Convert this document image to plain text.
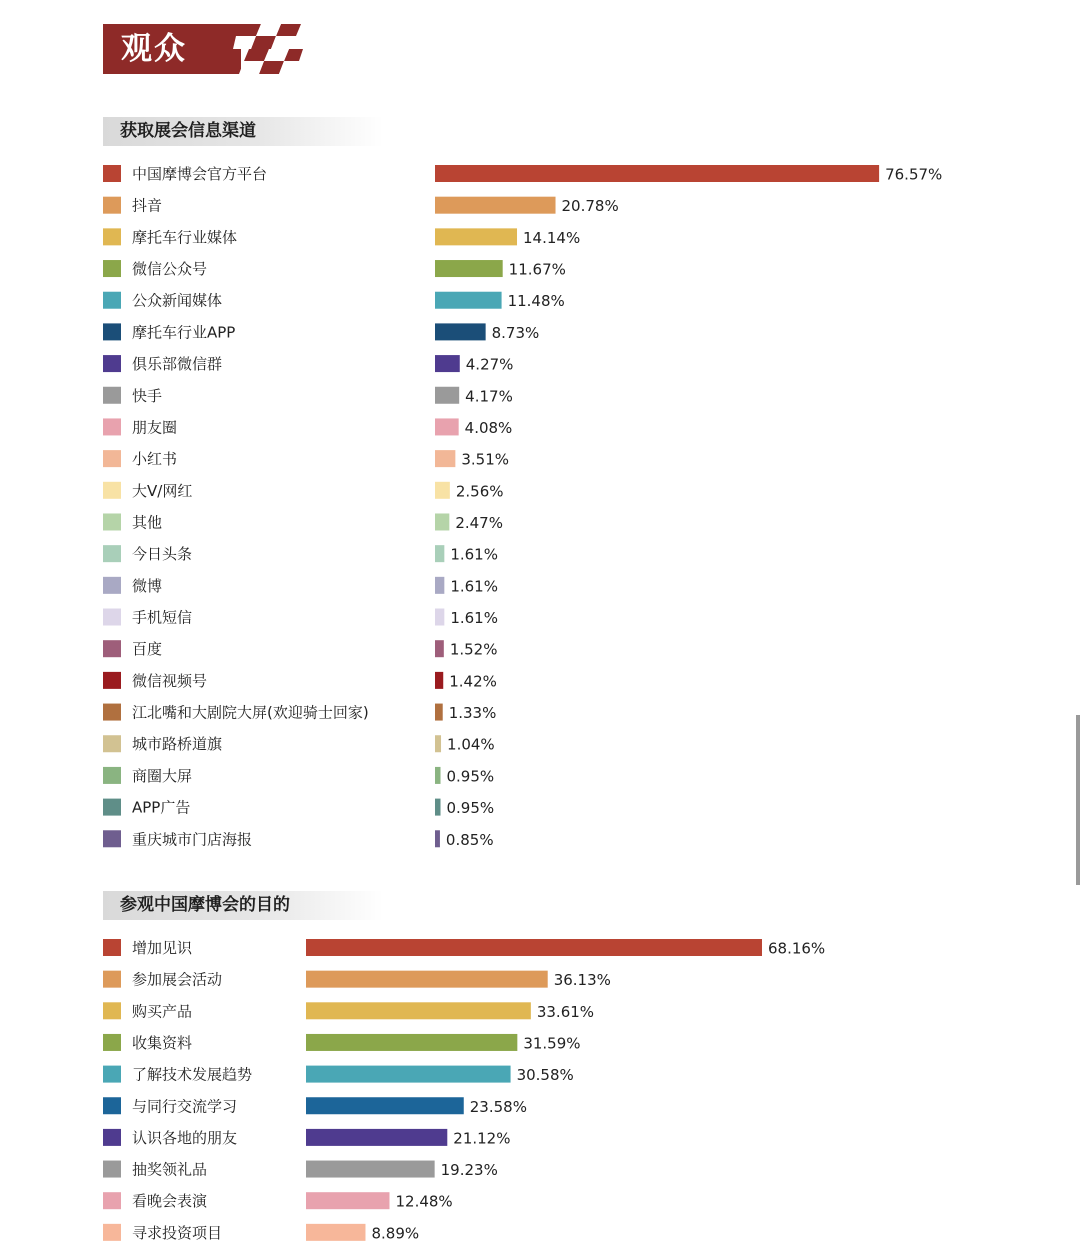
观众
获取展会信息渠道
参观中国摩博会的目的
中国摩博会官方平台	76.57%
抖音	20.78%
摩托车行业媒体	14.14%
微信公众号	11.67%
公众新闻媒体	11.48%
摩托车行业APP	8.73%
俱乐部微信群	4.27%
快手	4.17%
朋友圈	4.08%
小红书	3.51%
大V/网红	2.56%
其他	2.47%
今日头条	1.61%
微博	1.61%
手机短信	1.61%
百度	1.52%
微信视频号	1.42%
江北嘴和大剧院大屏(欢迎骑士回家)	1.33%
城市路桥道旗	1.04%
商圈大屏	0.95%
APP广告	0.95%
重庆城市门店海报	0.85%
增加见识	68.16%
参加展会活动	36.13%
购买产品	33.61%
收集资料	31.59%
了解技术发展趋势	30.58%
与同行交流学习	23.58%
认识各地的朋友	21.12%
抽奖领礼品	19.23%
看晚会表演	12.48%
寻求投资项目	8.89%
